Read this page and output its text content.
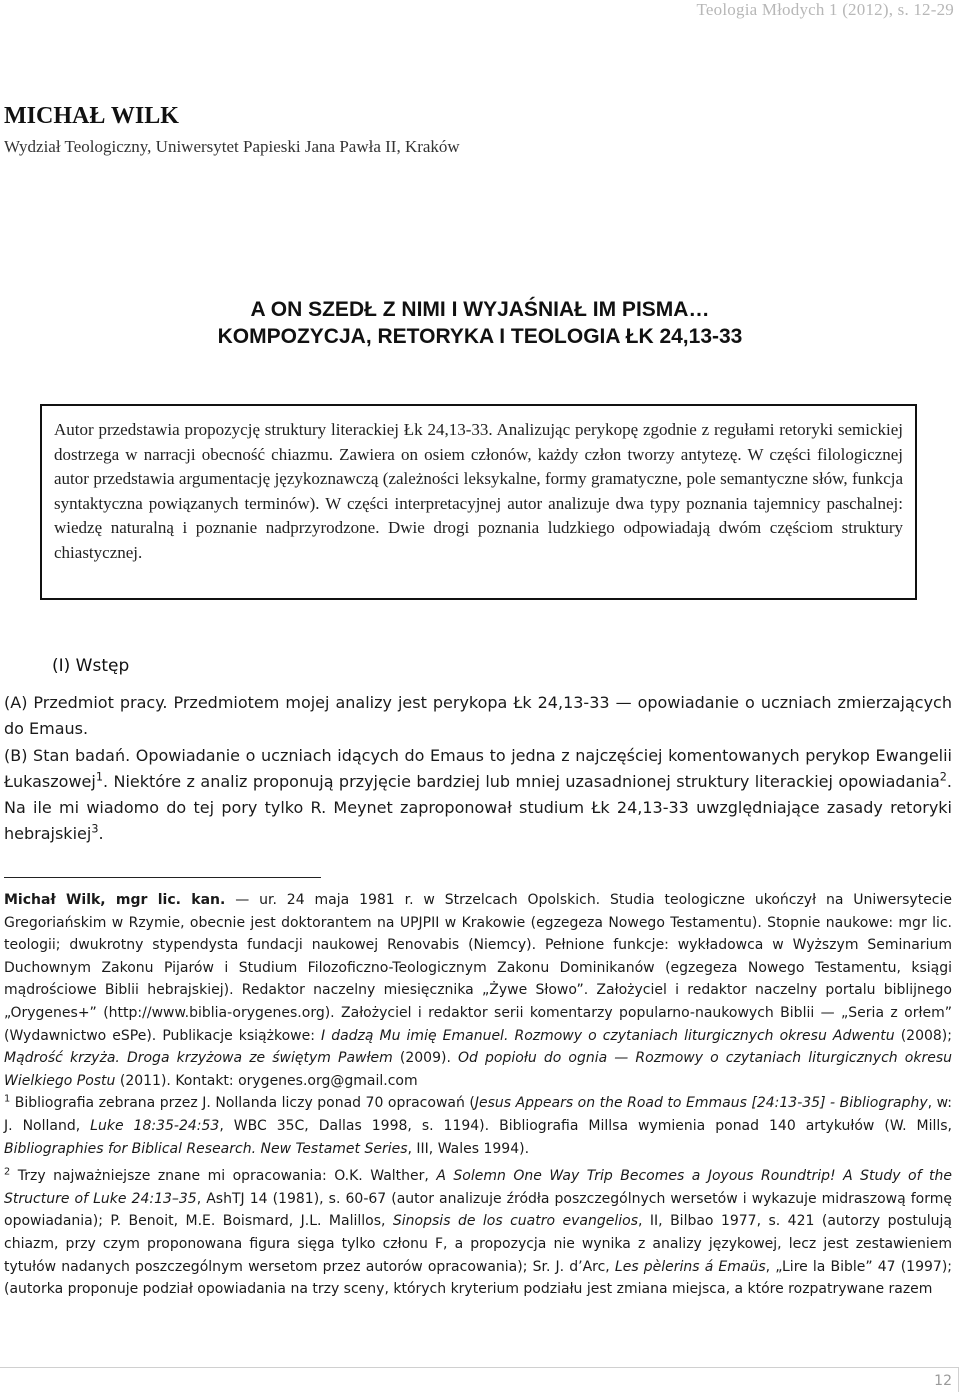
Teologia Młodych 1 (2012), s. 12-29
MICHAŁ WILK
Wydział Teologiczny, Uniwersytet Papieski Jana Pawła II, Kraków
A ON SZEDŁ Z NIMI I WYJAŚNIAŁ IM PISMA…
KOMPOZYCJA, RETORYKA I TEOLOGIA ŁK 24,13-33
Autor przedstawia propozycję struktury literackiej Łk 24,13-33. Analizując perykopę zgodnie z regułami retoryki semickiej dostrzega w narracji obecność chiazmu. Zawiera on osiem członów, każdy człon tworzy antytezę. W części filologicznej autor przedstawia argumentację językoznawczą (zależności leksykalne, formy gramatyczne, pole semantyczne słów, funkcja syntaktyczna powiązanych terminów). W części interpretacyjnej autor analizuje dwa typy poznania tajemnicy paschalnej: wiedzę naturalną i poznanie nadprzyrodzone. Dwie drogi poznania ludzkiego odpowiadają dwóm częściom struktury chiastycznej.
(I) Wstęp

(A) Przedmiot pracy. Przedmiotem mojej analizy jest perykopa Łk 24,13-33 — opowiadanie o uczniach zmierzających do Emaus.

(B) Stan badań. Opowiadanie o uczniach idących do Emaus to jedna z najczęściej komentowanych perykop Ewangelii Łukaszowej$^1$. Niektóre z analiz proponują przyjęcie bardziej lub mniej uzasadnionej struktury literackiej opowiadania$^2$. Na ile mi wiadomo do tej pory tylko R. Meynet zaproponował studium Łk 24,13-33 uwzględniające zasady retoryki hebrajskiej$^3$.

Michał Wilk, mgr lic. kan. — ur. 24 maja 1981 r. w Strzelcach Opolskich. Studia teologiczne ukończył na Uniwersytecie Gregoriańskim w Rzymie, obecnie jest doktorantem na UPJPII w Krakowie (egzegeza Nowego Testamentu). Stopnie naukowe: mgr lic. teologii; dwukrotny stypendysta fundacji naukowej Renovabis (Niemcy). Pełnione funkcje: wykładowca w Wyższym Seminarium Duchownym Zakonu Pijarów i Studium Filozoficzno-Teologicznym Zakonu Dominikanów (egzegeza Nowego Testamentu, ksiągi mądrościowe Biblii hebrajskiej). Redaktor naczelny miesięcznika „Żywe Słowo”. Założyciel i redaktor naczelny portalu biblijnego „Orygenes+” (http://www.biblia-orygenes.org). Założyciel i redaktor serii komentarzy popularno-naukowych Biblii — „Seria z orłem” (Wydawnictwo eSPe). Publikacje książkowe: I dadzą Mu imię Emanuel. Rozmowy o czytaniach liturgicznych okresu Adwentu (2008); Mądrość krzyża. Droga krzyżowa ze świętym Pawłem (2009). Od popiołu do ognia — Rozmowy o czytaniach liturgicznych okresu Wielkiego Postu (2011). Kontakt: orygenes.org@gmail.com

$^1$ Bibliografia zebrana przez J. Nollanda liczy ponad 70 opracowań (Jesus Appears on the Road to Emmaus [24:13-35] - Bibliography, w: J. Nolland, Luke 18:35-24:53, WBC 35C, Dallas 1998, s. 1194). Bibliografia Millsa wymienia ponad 140 artykułów (W. Mills, Bibliographies for Biblical Research. New Testamet Series, III, Wales 1994).

$^2$ Trzy najważniejsze znane mi opracowania: O.K. Walther, A Solemn One Way Trip Becomes a Joyous Roundtrip! A Study of the Structure of Luke 24:13–35, AshTJ 14 (1981), s. 60-67 (autor analizuje źródła poszczególnych wersetów i wykazuje midraszową formę opowiadania); P. Benoit, M.E. Boismard, J.L. Malillos, Sinopsis de los cuatro evangelios, II, Bilbao 1977, s. 421 (autorzy postulują chiazm, przy czym proponowana figura sięga tylko członu F, a propozycja nie wynika z analizy językowej, lecz jest zestawieniem tytułów nadanych poszczególnym wersetom przez autorów opracowania); Sr. J. d’Arc, Les pèlerins á Emaüs, „Lire la Bible” 47 (1997); (autorka proponuje podział opowiadania na trzy sceny, których kryterium podziału jest zmiana miejsca, a które rozpatrywane razem

12
